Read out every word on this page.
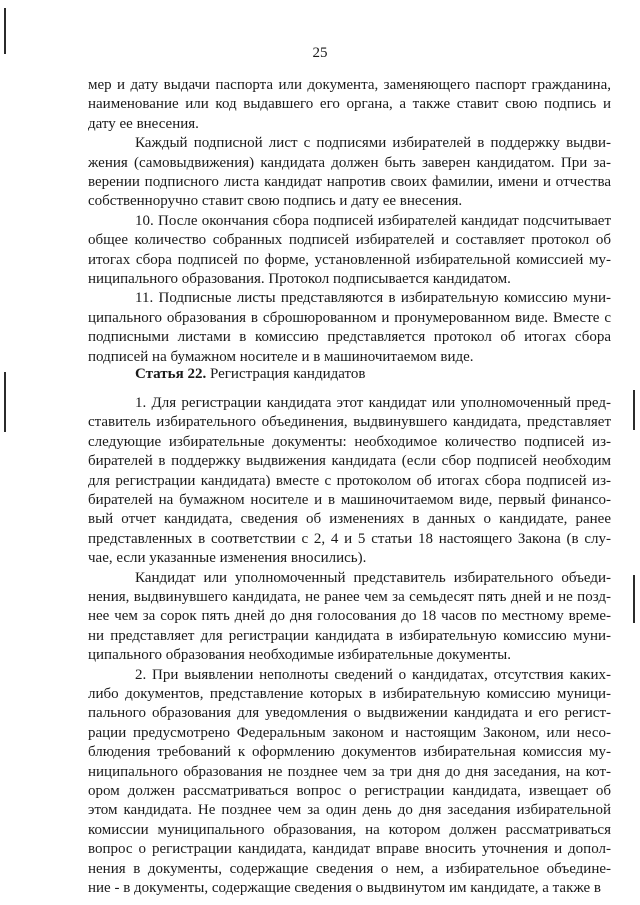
25
мер и дату выдачи паспорта или документа, заменяющего паспорт гражданина,
наименование или код выдавшего его органа, а также ставит свою подпись и
дату ее внесения.
Каждый подписной лист с подписями избирателей в поддержку выдви-
жения (самовыдвижения) кандидата должен быть заверен кандидатом. При за-
верении подписного листа кандидат напротив своих фамилии, имени и отчества
собственноручно ставит свою подпись и дату ее внесения.
10. После окончания сбора подписей избирателей кандидат подсчитывает
общее количество собранных подписей избирателей и составляет протокол об
итогах сбора подписей по форме, установленной избирательной комиссией му-
ниципального образования. Протокол подписывается кандидатом.
11. Подписные листы представляются в избирательную комиссию муни-
ципального образования в сброшюрованном и пронумерованном виде. Вместе с
подписными листами в комиссию представляется протокол об итогах сбора
подписей на бумажном носителе и в машиночитаемом виде.
1. Для регистрации кандидата этот кандидат или уполномоченный пред-
ставитель избирательного объединения, выдвинувшего кандидата, представляет
следующие избирательные документы: необходимое количество подписей из-
бирателей в поддержку выдвижения кандидата (если сбор подписей необходим
для регистрации кандидата) вместе с протоколом об итогах сбора подписей из-
бирателей на бумажном носителе и в машиночитаемом виде, первый финансо-
вый отчет кандидата, сведения об изменениях в данных о кандидате, ранее
представленных в соответствии с 2, 4 и 5 статьи 18 настоящего Закона (в слу-
чае, если указанные изменения вносились).
Кандидат или уполномоченный представитель избирательного объеди-
нения, выдвинувшего кандидата, не ранее чем за семьдесят пять дней и не позд-
нее чем за сорок пять дней до дня голосования до 18 часов по местному време-
ни представляет для регистрации кандидата в избирательную комиссию муни-
ципального образования необходимые избирательные документы.
2. При выявлении неполноты сведений о кандидатах, отсутствия каких-
либо документов, представление которых в избирательную комиссию муници-
пального образования для уведомления о выдвижении кандидата и его регист-
рации предусмотрено Федеральным законом и настоящим Законом, или несо-
блюдения требований к оформлению документов избирательная комиссия му-
ниципального образования не позднее чем за три дня до дня заседания, на кот-
ором должен рассматриваться вопрос о регистрации кандидата, извещает об
этом кандидата. Не позднее чем за один день до дня заседания избирательной
комиссии муниципального образования, на котором должен рассматриваться
вопрос о регистрации кандидата, кандидат вправе вносить уточнения и допол-
нения в документы, содержащие сведения о нем, а избирательное объедине-
ние - в документы, содержащие сведения о выдвинутом им кандидате, а также в
Статья 22. Регистрация кандидатов
